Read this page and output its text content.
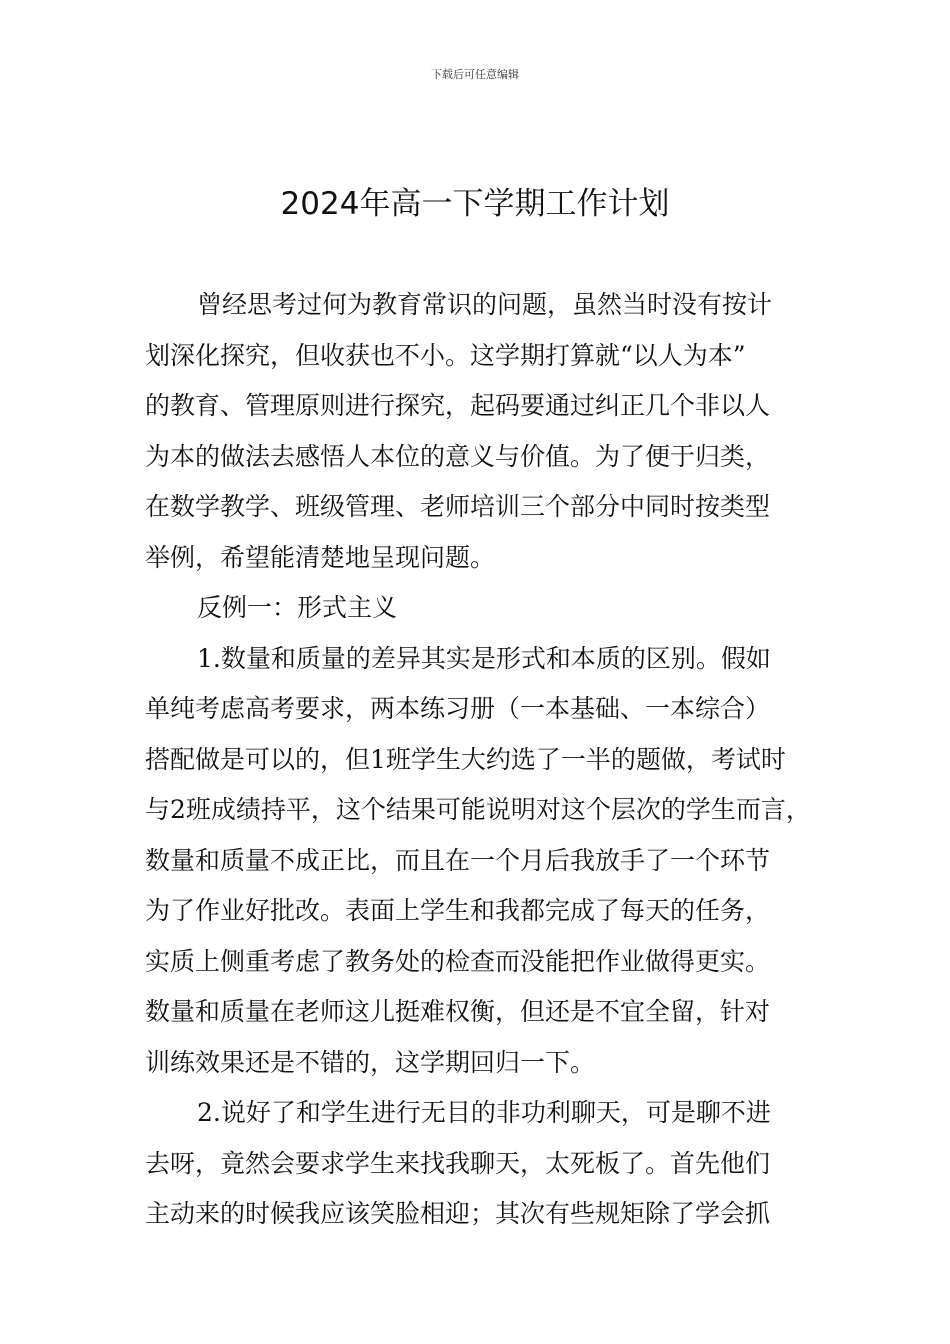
下载后可任意编辑
2024年高一下学期工作计划
曾经思考过何为教育常识的问题，虽然当时没有按计
划深化探究，但收获也不小。这学期打算就“以人为本”
的教育、管理原则进行探究，起码要通过纠正几个非以人
为本的做法去感悟人本位的意义与价值。为了便于归类，
在数学教学、班级管理、老师培训三个部分中同时按类型
举例，希望能清楚地呈现问题。
反例一：形式主义
1.数量和质量的差异其实是形式和本质的区别。假如
单纯考虑高考要求，两本练习册（一本基础、一本综合）
搭配做是可以的，但1班学生大约选了一半的题做，考试时
与2班成绩持平，这个结果可能说明对这个层次的学生而言，
数量和质量不成正比，而且在一个月后我放手了一个环节
为了作业好批改。表面上学生和我都完成了每天的任务，
实质上侧重考虑了教务处的检查而没能把作业做得更实。
数量和质量在老师这儿挺难权衡，但还是不宜全留，针对
训练效果还是不错的，这学期回归一下。
2.说好了和学生进行无目的非功利聊天，可是聊不进
去呀，竟然会要求学生来找我聊天，太死板了。首先他们
主动来的时候我应该笑脸相迎；其次有些规矩除了学会抓
